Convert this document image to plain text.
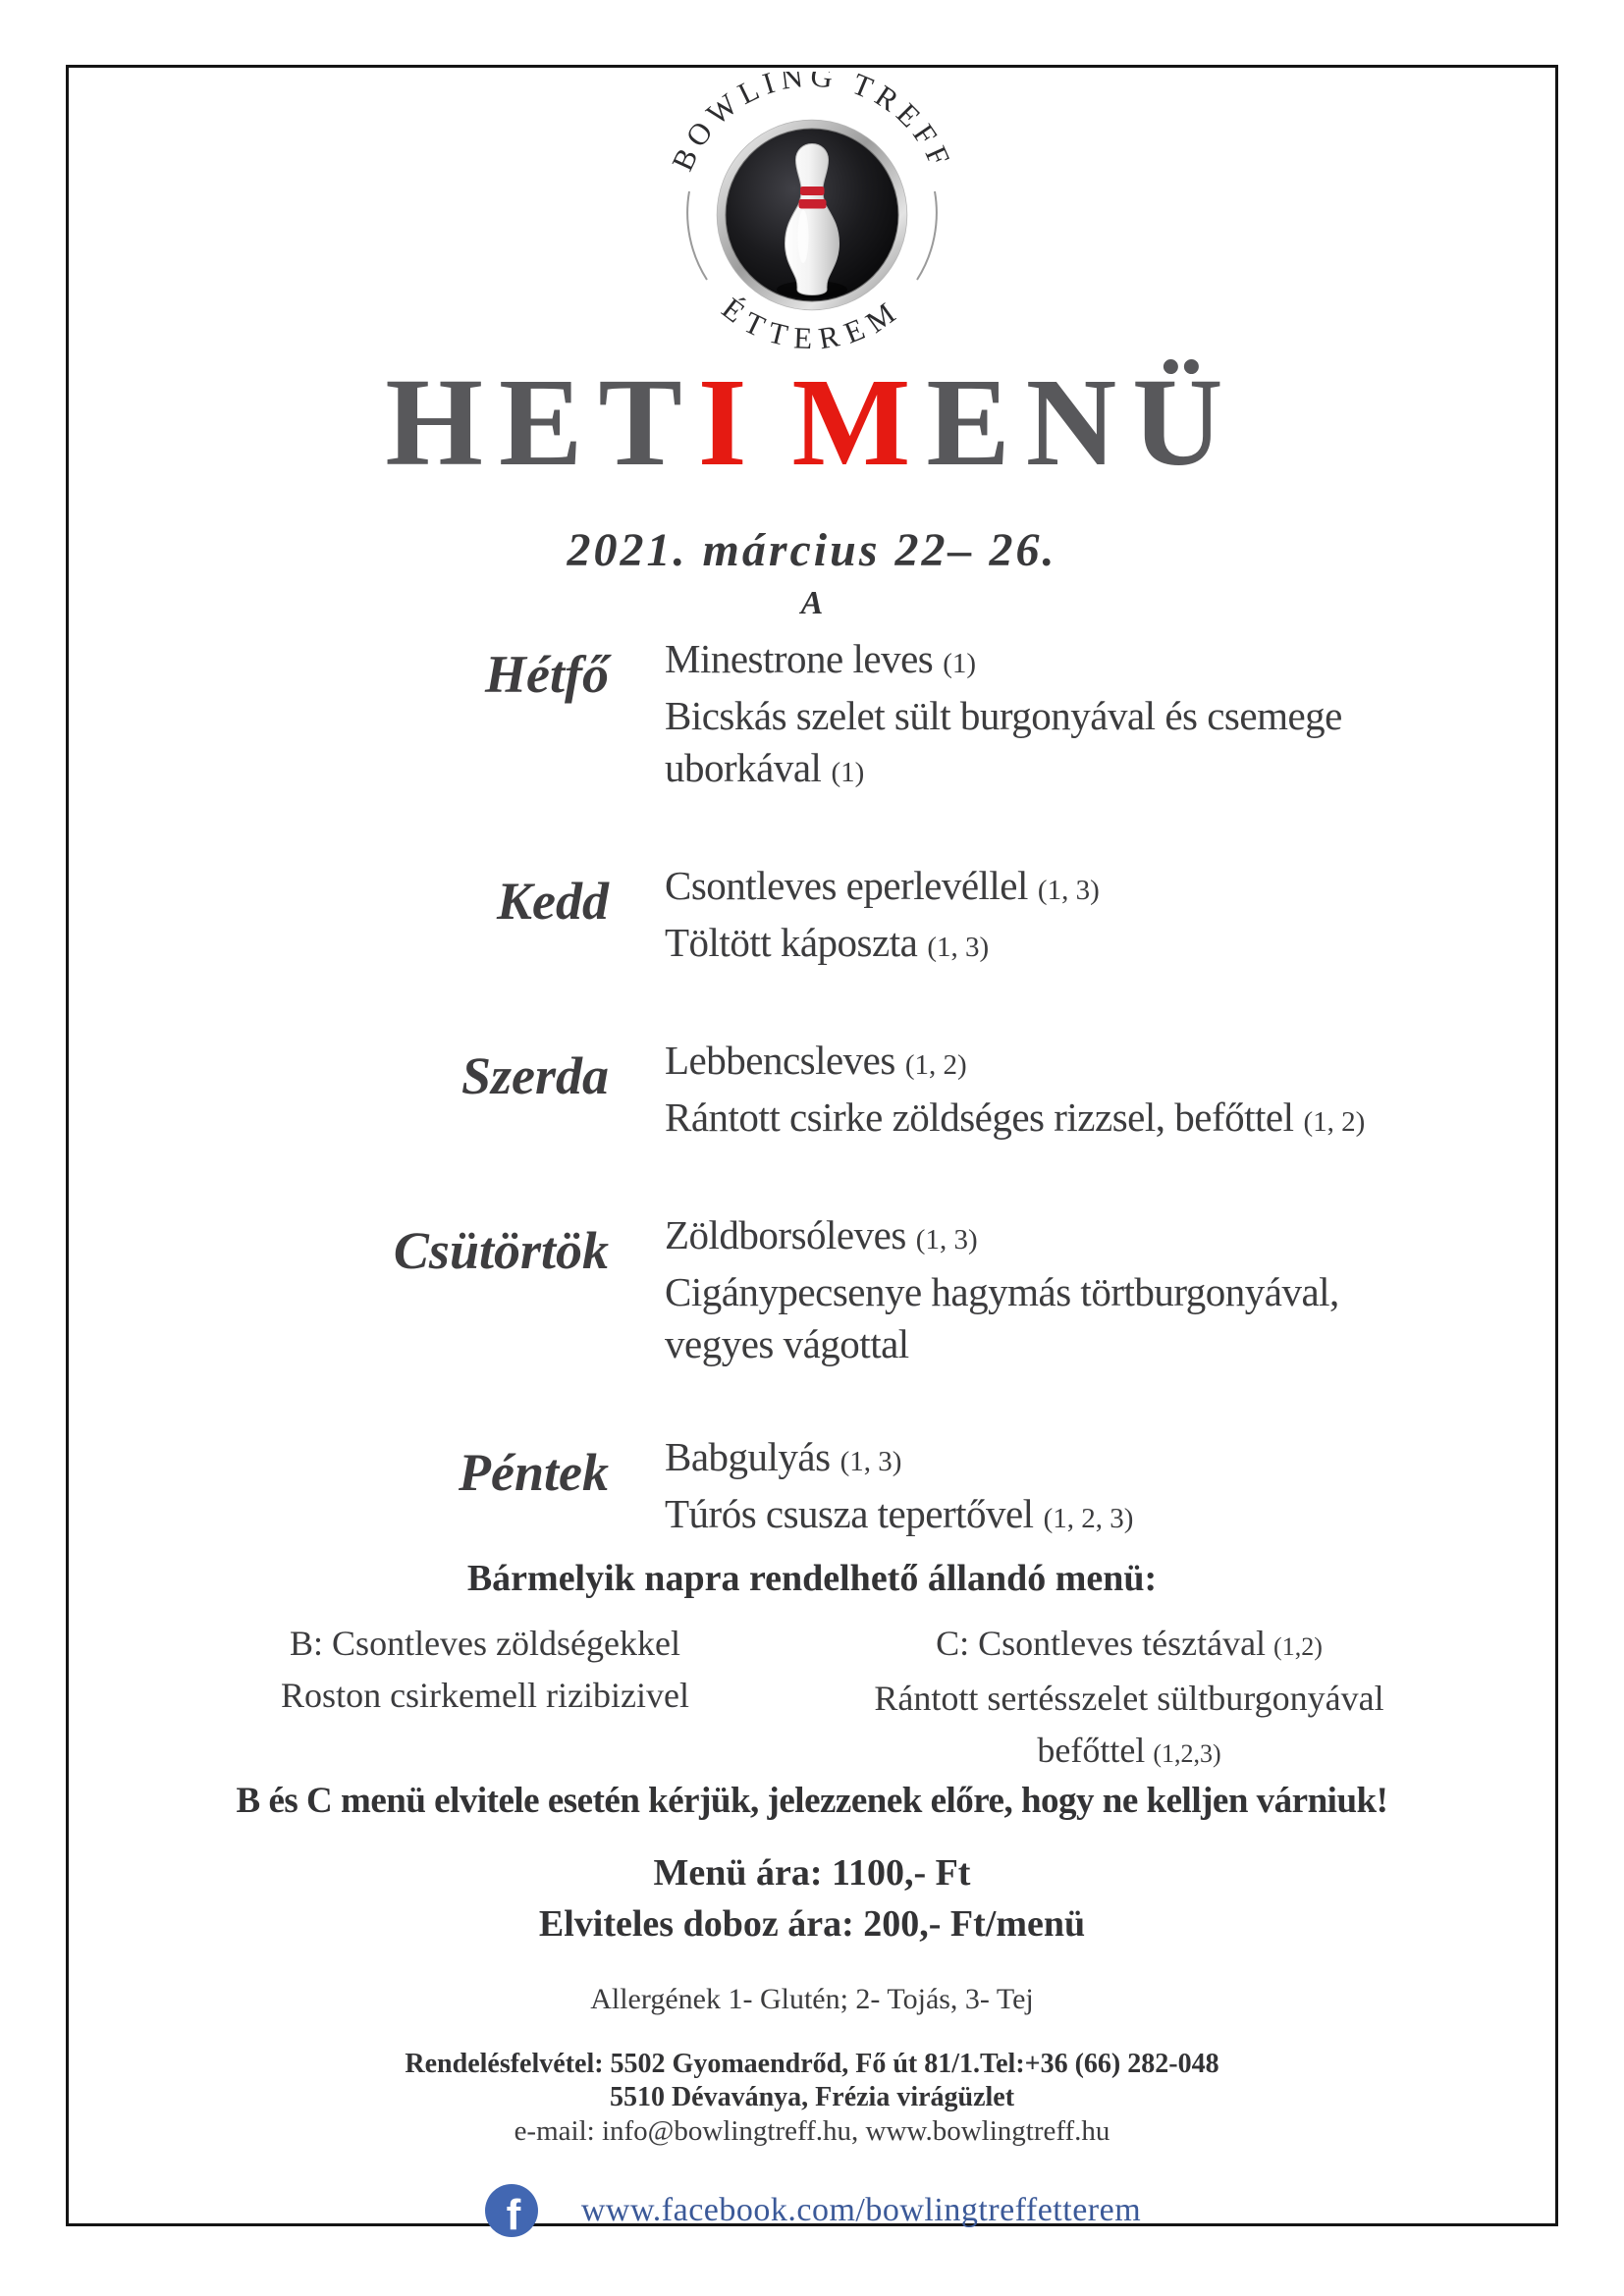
BOWLING TREFF
ÉTTEREM
HETI MENÜ
2021. március 22– 26.
A
Hétfő Minestrone leves (1)
Bicskás szelet sült burgonyával és csemege
uborkával (1)
Kedd Csontleves eperlevéllel (1, 3)
Töltött káposzta (1, 3)
Szerda Lebbencsleves (1, 2)
Rántott csirke zöldséges rizzsel, befőttel (1, 2)
Csütörtök Zöldborsóleves (1, 3)
Cigánypecsenye hagymás törtburgonyával,
vegyes vágottal
Péntek Babgulyás (1, 3)
Túrós csusza tepertővel (1, 2, 3)
Bármelyik napra rendelhető állandó menü:
B: Csontleves zöldségekkel
Roston csirkemell rizibizivel
C: Csontleves tésztával (1,2)
Rántott sertésszelet sültburgonyával
befőttel (1,2,3)
B és C menü elvitele esetén kérjük, jelezzenek előre, hogy ne kelljen várniuk!
Menü ára: 1100,- Ft
Elviteles doboz ára: 200,- Ft/menü
Allergének 1- Glutén; 2- Tojás, 3- Tej
Rendelésfelvétel: 5502 Gyomaendrőd, Fő út 81/1.Tel:+36 (66) 282-048
5510 Dévaványa, Frézia virágüzlet
e-mail: info@bowlingtreff.hu, www.bowlingtreff.hu
f www.facebook.com/bowlingtreffetterem
